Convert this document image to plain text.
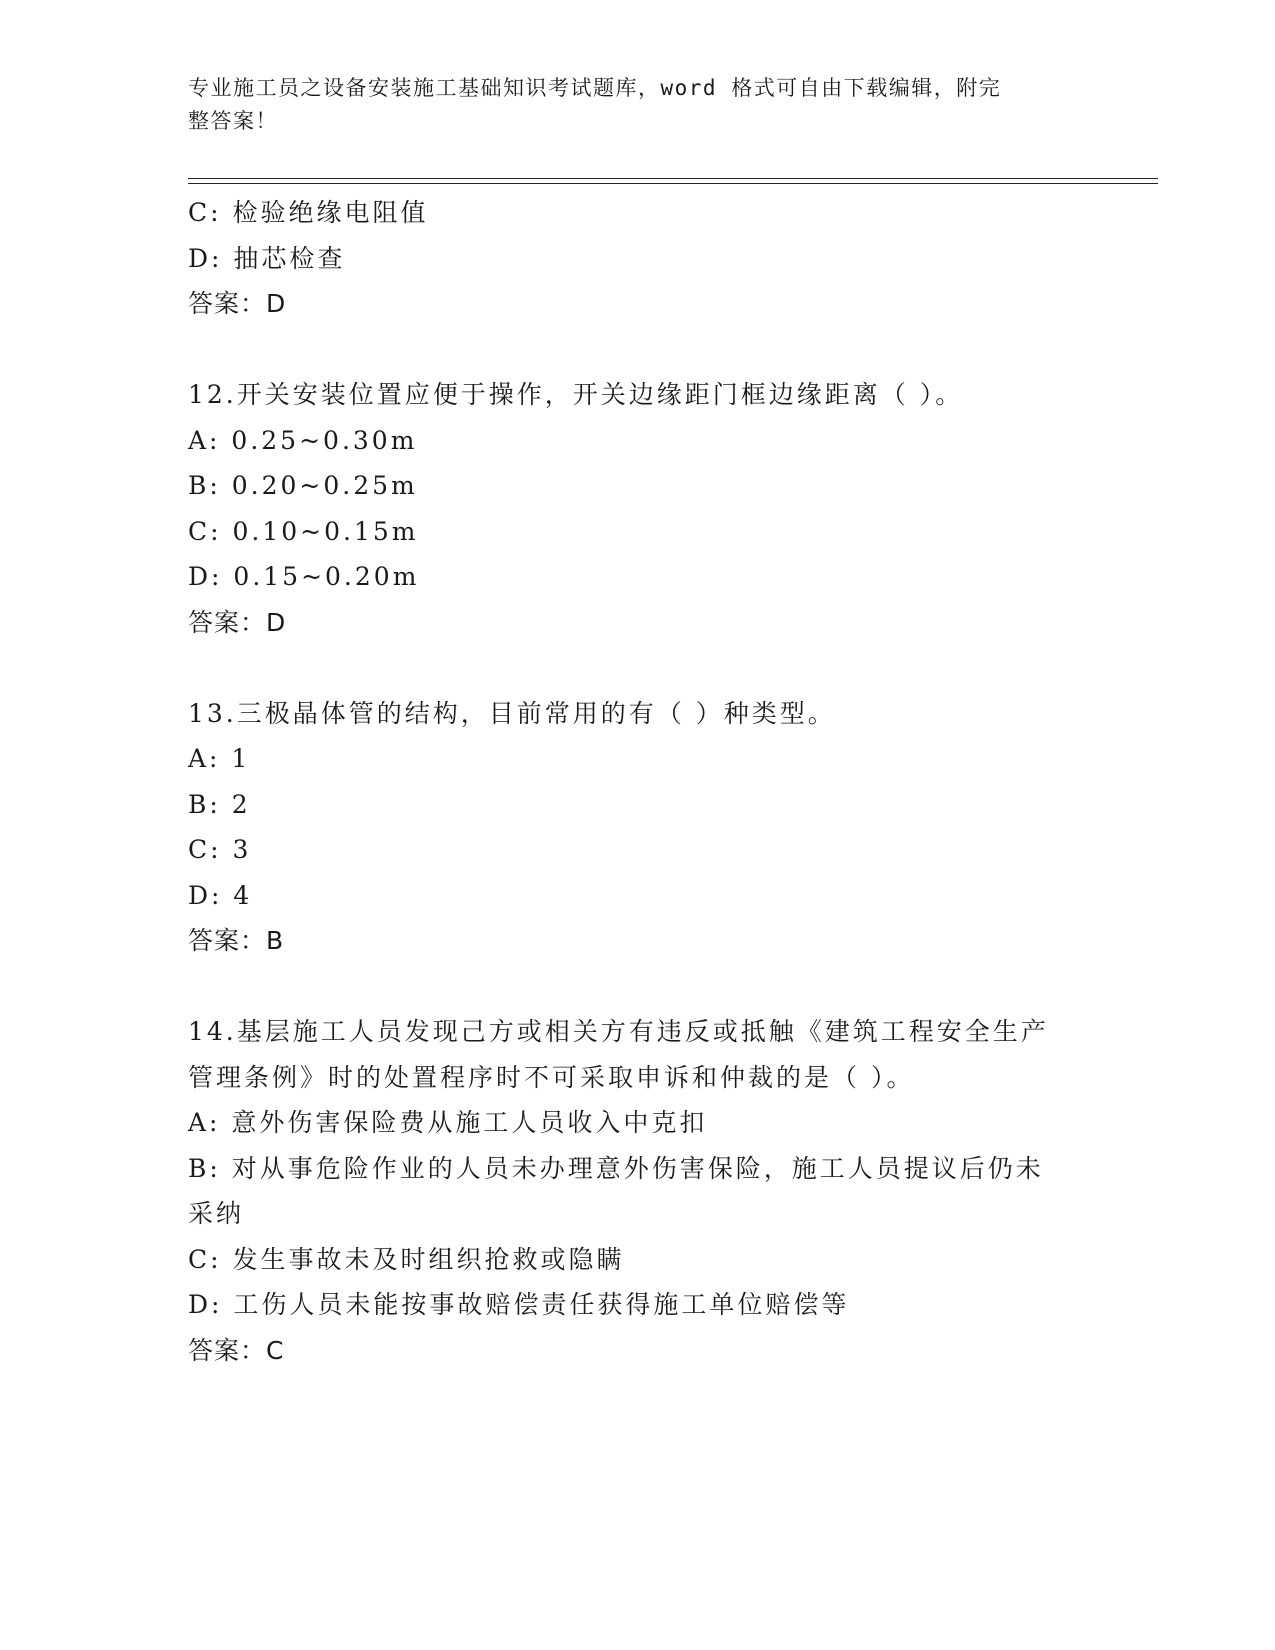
专业施工员之设备安装施工基础知识考试题库，word 格式可自由下载编辑，附完
整答案！
C: 检验绝缘电阻值
D: 抽芯检查
答案：D
12.开关安装位置应便于操作，开关边缘距门框边缘距离（ ）。
A: 0.25~0.30m
B: 0.20~0.25m
C: 0.10~0.15m
D: 0.15~0.20m
答案：D
13.三极晶体管的结构，目前常用的有（ ）种类型。
A: 1
B: 2
C: 3
D: 4
答案：B
14.基层施工人员发现己方或相关方有违反或抵触《建筑工程安全生产
管理条例》时的处置程序时不可采取申诉和仲裁的是（ ）。
A: 意外伤害保险费从施工人员收入中克扣
B: 对从事危险作业的人员未办理意外伤害保险，施工人员提议后仍未
采纳
C: 发生事故未及时组织抢救或隐瞒
D: 工伤人员未能按事故赔偿责任获得施工单位赔偿等
答案：C
